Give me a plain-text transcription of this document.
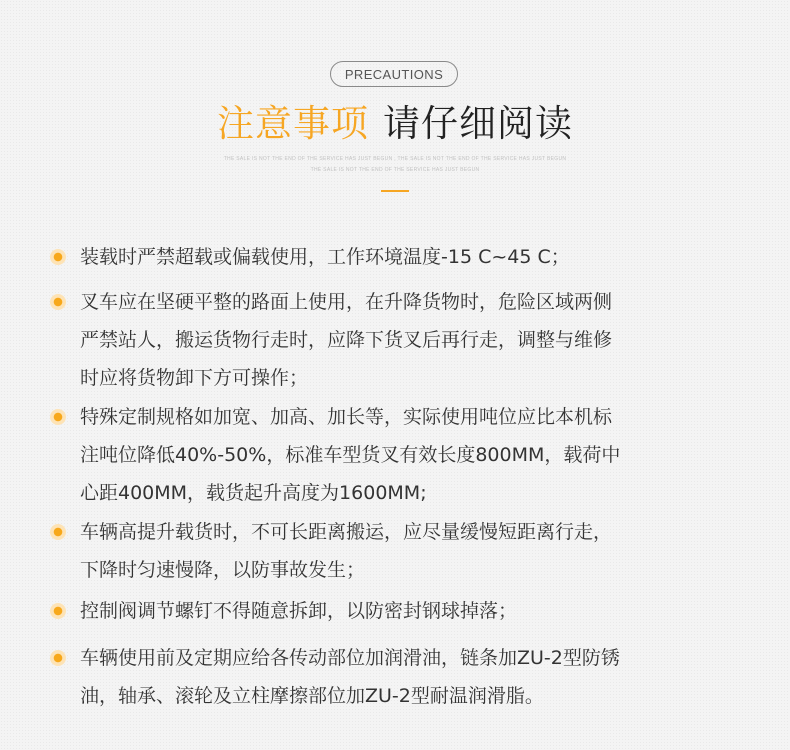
PRECAUTIONS
注意事项 请仔细阅读
THE SALE IS NOT THE END OF THE SERVICE HAS JUST BEGUN , THE SALE IS NOT THE END OF THE SERVICE HAS JUST BEGUN
THE SALE IS NOT THE END OF THE SERVICE HAS JUST BEGUN
装载时严禁超载或偏载使用，工作环境温度-15 C~45 C；
叉车应在坚硬平整的路面上使用，在升降货物时，危险区域两侧
严禁站人，搬运货物行走时，应降下货叉后再行走，调整与维修
时应将货物卸下方可操作；
特殊定制规格如加宽、加高、加长等，实际使用吨位应比本机标
注吨位降低40%-50%，标准车型货叉有效长度800MM，载荷中
心距400MM，载货起升高度为1600MM;
车辆高提升载货时，不可长距离搬运，应尽量缓慢短距离行走，
下降时匀速慢降，以防事故发生；
控制阀调节螺钉不得随意拆卸，以防密封钢球掉落；
车辆使用前及定期应给各传动部位加润滑油，链条加ZU-2型防锈
油，轴承、滚轮及立柱摩擦部位加ZU-2型耐温润滑脂。
